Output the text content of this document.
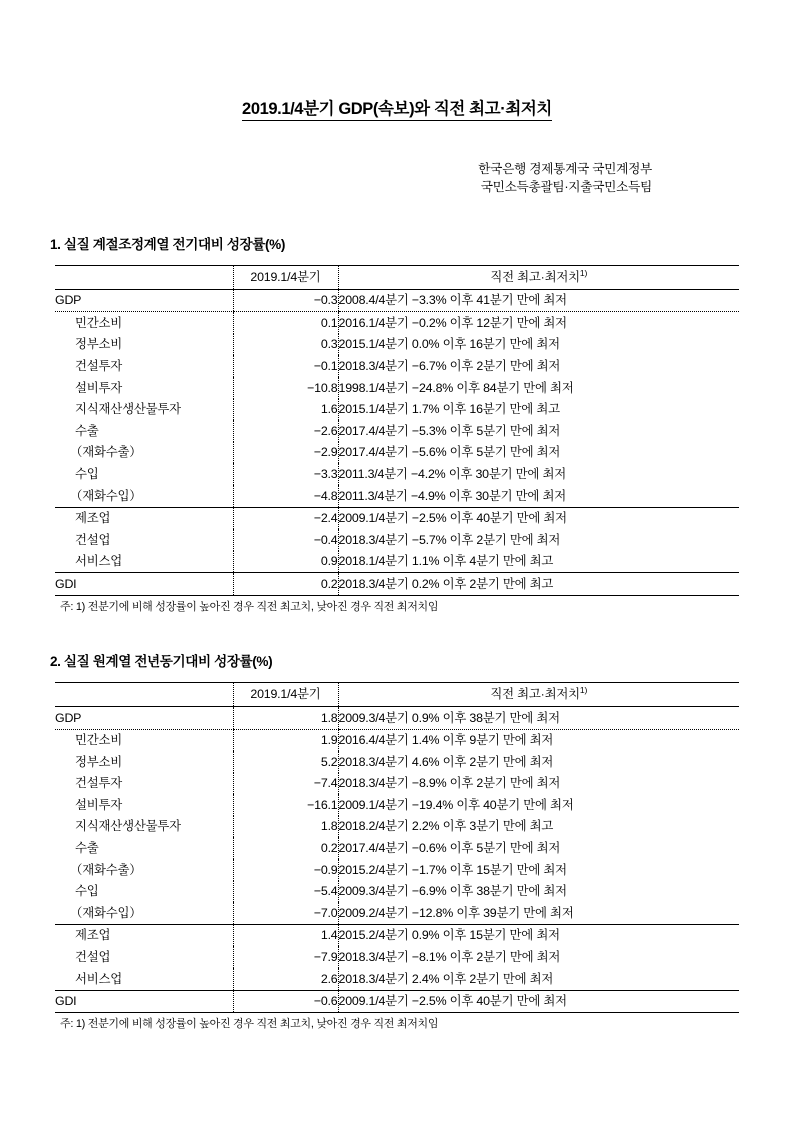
2019.1/4분기 GDP(속보)와 직전 최고·최저치
한국은행 경제통계국 국민계정부
국민소득총괄팀·지출국민소득팀
1. 실질 계절조정계열 전기대비 성장률(%)
	2019.1/4분기	직전 최고·최저치$^{1)}$
GDP	−0.3	2008.4/4분기 −3.3% 이후 41분기 만에 최저
민간소비	0.1	2016.1/4분기 −0.2% 이후 12분기 만에 최저
정부소비	0.3	2015.1/4분기 0.0% 이후 16분기 만에 최저
건설투자	−0.1	2018.3/4분기 −6.7% 이후 2분기 만에 최저
설비투자	−10.8	1998.1/4분기 −24.8% 이후 84분기 만에 최저
지식재산생산물투자	1.6	2015.1/4분기 1.7% 이후 16분기 만에 최고
수출	−2.6	2017.4/4분기 −5.3% 이후 5분기 만에 최저
（재화수출）	−2.9	2017.4/4분기 −5.6% 이후 5분기 만에 최저
수입	−3.3	2011.3/4분기 −4.2% 이후 30분기 만에 최저
（재화수입）	−4.8	2011.3/4분기 −4.9% 이후 30분기 만에 최저
제조업	−2.4	2009.1/4분기 −2.5% 이후 40분기 만에 최저
건설업	−0.4	2018.3/4분기 −5.7% 이후 2분기 만에 최저
서비스업	0.9	2018.1/4분기 1.1% 이후 4분기 만에 최고
GDI	0.2	2018.3/4분기 0.2% 이후 2분기 만에 최고
주: 1) 전분기에 비해 성장률이 높아진 경우 직전 최고치, 낮아진 경우 직전 최저치임
2. 실질 원계열 전년동기대비 성장률(%)
	2019.1/4분기	직전 최고·최저치$^{1)}$
GDP	1.8	2009.3/4분기 0.9% 이후 38분기 만에 최저
민간소비	1.9	2016.4/4분기 1.4% 이후 9분기 만에 최저
정부소비	5.2	2018.3/4분기 4.6% 이후 2분기 만에 최저
건설투자	−7.4	2018.3/4분기 −8.9% 이후 2분기 만에 최저
설비투자	−16.1	2009.1/4분기 −19.4% 이후 40분기 만에 최저
지식재산생산물투자	1.8	2018.2/4분기 2.2% 이후 3분기 만에 최고
수출	0.2	2017.4/4분기 −0.6% 이후 5분기 만에 최저
（재화수출）	−0.9	2015.2/4분기 −1.7% 이후 15분기 만에 최저
수입	−5.4	2009.3/4분기 −6.9% 이후 38분기 만에 최저
（재화수입）	−7.0	2009.2/4분기 −12.8% 이후 39분기 만에 최저
제조업	1.4	2015.2/4분기 0.9% 이후 15분기 만에 최저
건설업	−7.9	2018.3/4분기 −8.1% 이후 2분기 만에 최저
서비스업	2.6	2018.3/4분기 2.4% 이후 2분기 만에 최저
GDI	−0.6	2009.1/4분기 −2.5% 이후 40분기 만에 최저
주: 1) 전분기에 비해 성장률이 높아진 경우 직전 최고치, 낮아진 경우 직전 최저치임
